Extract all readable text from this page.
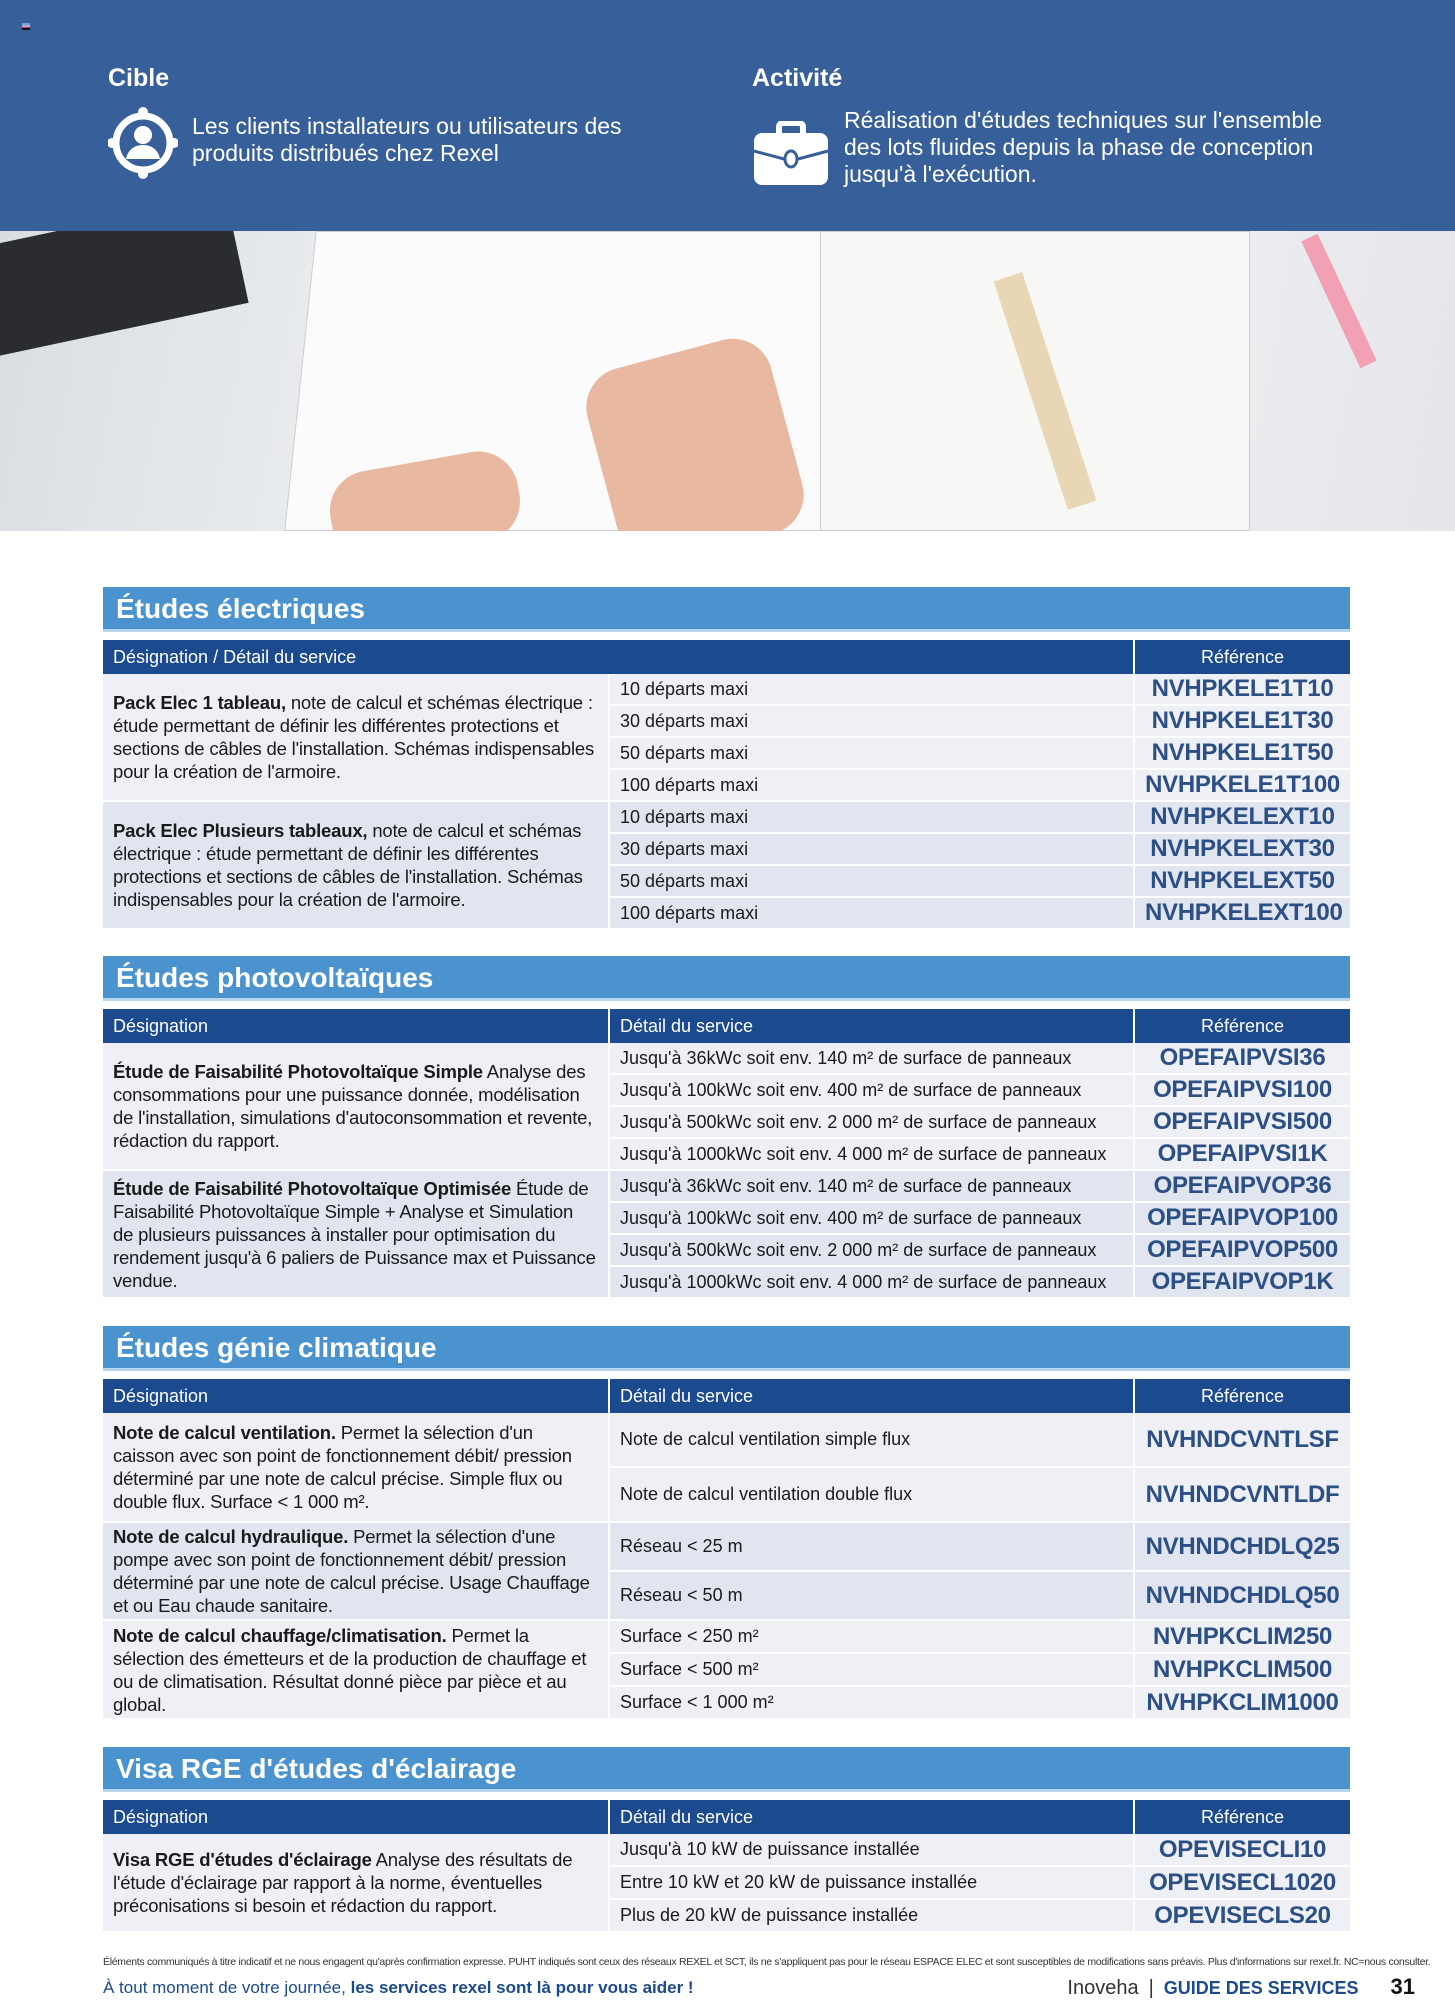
Cible

Les clients installateurs ou utilisateurs des produits distribués chez Rexel

Activité

Réalisation d'études techniques sur l'ensemble des lots fluides depuis la phase de conception jusqu'à l'exécution.

Études électriques
Désignation / Détail du service		Référence
Pack Elec 1 tableau, note de calcul et schémas électrique : étude permettant de définir les différentes protections et sections de câbles de l'installation. Schémas indispensables pour la création de l'armoire.	10 départs maxi	NVHPKELE1T10
	30 départs maxi	NVHPKELE1T30
	50 départs maxi	NVHPKELE1T50
	100 départs maxi	NVHPKELE1T100
Pack Elec Plusieurs tableaux, note de calcul et schémas électrique : étude permettant de définir les différentes protections et sections de câbles de l'installation. Schémas indispensables pour la création de l'armoire.	10 départs maxi	NVHPKELEXT10
	30 départs maxi	NVHPKELEXT30
	50 départs maxi	NVHPKELEXT50
	100 départs maxi	NVHPKELEXT100
Études photovoltaïques
Désignation	Détail du service	Référence
Étude de Faisabilité Photovoltaïque Simple Analyse des consommations pour une puissance donnée, modélisation de l'installation, simulations d'autoconsommation et revente, rédaction du rapport.	Jusqu'à 36kWc soit env. 140 m² de surface de panneaux	OPEFAIPVSI36
	Jusqu'à 100kWc soit env. 400 m² de surface de panneaux	OPEFAIPVSI100
	Jusqu'à 500kWc soit env. 2 000 m² de surface de panneaux	OPEFAIPVSI500
	Jusqu'à 1000kWc soit env. 4 000 m² de surface de panneaux	OPEFAIPVSI1K
Étude de Faisabilité Photovoltaïque Optimisée Étude de Faisabilité Photovoltaïque Simple + Analyse et Simulation de plusieurs puissances à installer pour optimisation du rendement jusqu'à 6 paliers de Puissance max et Puissance vendue.	Jusqu'à 36kWc soit env. 140 m² de surface de panneaux	OPEFAIPVOP36
	Jusqu'à 100kWc soit env. 400 m² de surface de panneaux	OPEFAIPVOP100
	Jusqu'à 500kWc soit env. 2 000 m² de surface de panneaux	OPEFAIPVOP500
	Jusqu'à 1000kWc soit env. 4 000 m² de surface de panneaux	OPEFAIPVOP1K
Études génie climatique
Désignation	Détail du service	Référence
Note de calcul ventilation. Permet la sélection d'un caisson avec son point de fonctionnement débit/ pression déterminé par une note de calcul précise. Simple flux ou double flux. Surface < 1 000 m².	Note de calcul ventilation simple flux	NVHNDCVNTLSF
	Note de calcul ventilation double flux	NVHNDCVNTLDF
Note de calcul hydraulique. Permet la sélection d'une pompe avec son point de fonctionnement débit/ pression déterminé par une note de calcul précise. Usage Chauffage et ou Eau chaude sanitaire.	Réseau < 25 m	NVHNDCHDLQ25
	Réseau < 50 m	NVHNDCHDLQ50
Note de calcul chauffage/climatisation. Permet la sélection des émetteurs et de la production de chauffage et ou de climatisation. Résultat donné pièce par pièce et au global.	Surface < 250 m²	NVHPKCLIM250
	Surface < 500 m²	NVHPKCLIM500
	Surface < 1 000 m²	NVHPKCLIM1000
Visa RGE d'études d'éclairage
Désignation	Détail du service	Référence
Visa RGE d'études d'éclairage Analyse des résultats de l'étude d'éclairage par rapport à la norme, éventuelles préconisations si besoin et rédaction du rapport.	Jusqu'à 10 kW de puissance installée	OPEVISECLI10
	Entre 10 kW et 20 kW de puissance installée	OPEVISECL1020
	Plus de 20 kW de puissance installée	OPEVISECLS20
Éléments communiqués à titre indicatif et ne nous engagent qu'après confirmation expresse. PUHT indiqués sont ceux des réseaux REXEL et SCT, ils ne s'appliquent pas pour le réseau ESPACE ELEC et sont susceptibles de modifications sans préavis. Plus d'informations sur rexel.fr. NC=nous consulter.
À tout moment de votre journée, les services rexel sont là pour vous aider !	Inoveha | GUIDE DES SERVICES 31
